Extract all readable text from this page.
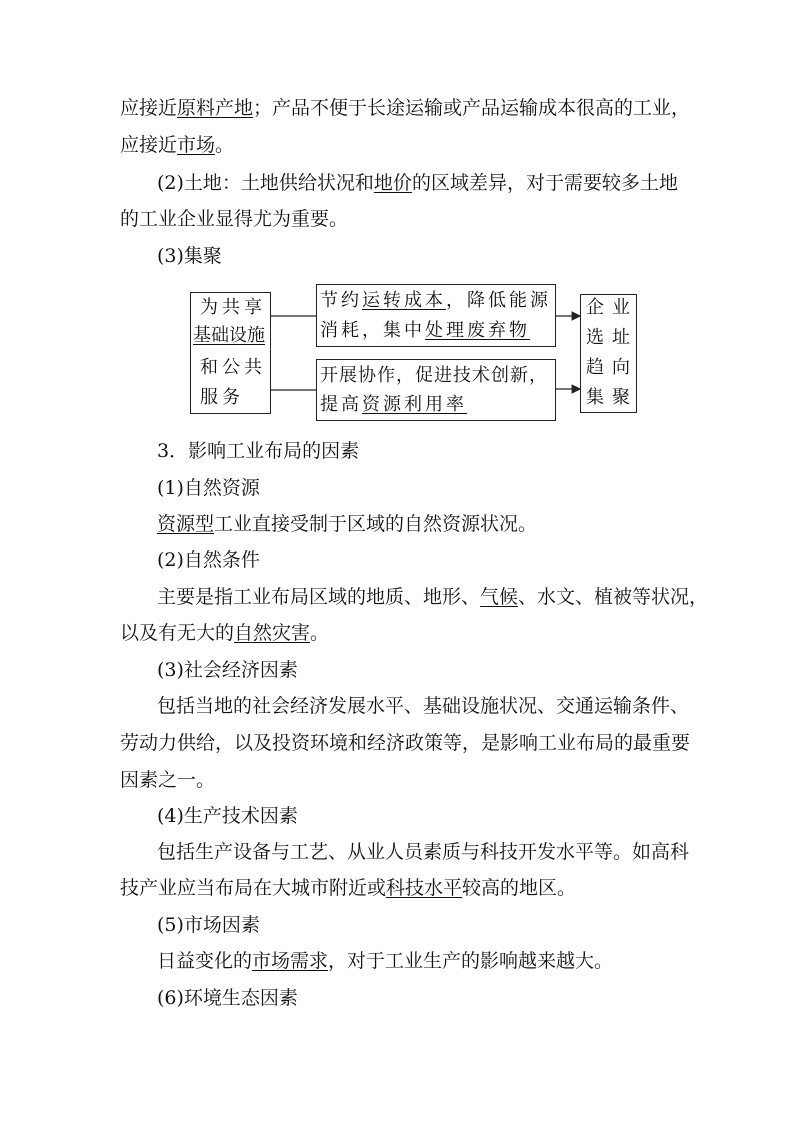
应接近原料产地；产品不便于长途运输或产品运输成本很高的工业，
应接近市场。
(2)土地：土地供给状况和地价的区域差异，对于需要较多土地
的工业企业显得尤为重要。
(3)集聚
为共享
基础设施
和公共
服务
节约运转成本，降低能源
消耗，集中处理废弃物
开展协作，促进技术创新，
提高资源利用率
企业
选址
趋向
集聚
3．影响工业布局的因素
(1)自然资源
资源型工业直接受制于区域的自然资源状况。
(2)自然条件
主要是指工业布局区域的地质、地形、气候、水文、植被等状况，
以及有无大的自然灾害。
(3)社会经济因素
包括当地的社会经济发展水平、基础设施状况、交通运输条件、
劳动力供给，以及投资环境和经济政策等，是影响工业布局的最重要
因素之一。
(4)生产技术因素
包括生产设备与工艺、从业人员素质与科技开发水平等。如高科
技产业应当布局在大城市附近或科技水平较高的地区。
(5)市场因素
日益变化的市场需求，对于工业生产的影响越来越大。
(6)环境生态因素
